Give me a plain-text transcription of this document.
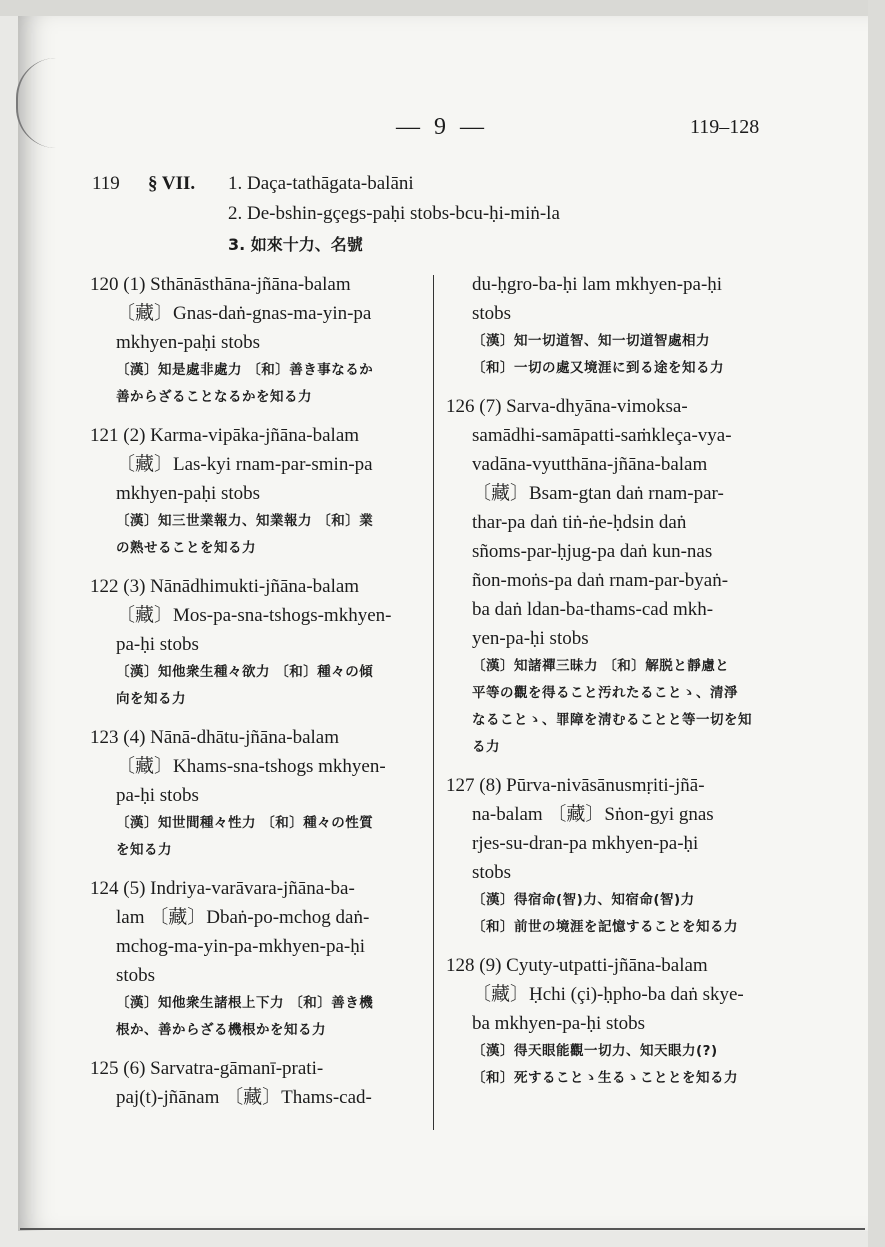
— 9 —	119–128
119 § VII. 1. Daça-tathāgata-balāni
2. De-bshin-gçegs-paḥi stobs-bcu-ḥi-miṅ-la
3. 如來十力、名號
120 (1) Sthānāsthāna-jñāna-balam
〔藏〕Gnas-daṅ-gnas-ma-yin-pa
mkhyen-paḥi stobs
〔漢〕知是處非處力 〔和〕善き事なるか
善からざることなるかを知る力
121 (2) Karma-vipāka-jñāna-balam
〔藏〕Las-kyi rnam-par-smin-pa
mkhyen-paḥi stobs
〔漢〕知三世業報力、知業報力 〔和〕業
の熟せることを知る力
122 (3) Nānādhimukti-jñāna-balam
〔藏〕Mos-pa-sna-tshogs-mkhyen-
pa-ḥi stobs
〔漢〕知他衆生種々欲力 〔和〕種々の傾
向を知る力
123 (4) Nānā-dhātu-jñāna-balam
〔藏〕Khams-sna-tshogs mkhyen-
pa-ḥi stobs
〔漢〕知世間種々性力 〔和〕種々の性質
を知る力
124 (5) Indriya-varāvara-jñāna-ba-
lam 〔藏〕Dbaṅ-po-mchog daṅ-
mchog-ma-yin-pa-mkhyen-pa-ḥi
stobs
〔漢〕知他衆生諸根上下力 〔和〕善き機
根か、善からざる機根かを知る力
125 (6) Sarvatra-gāmanī-prati-
paj(t)-jñānam 〔藏〕Thams-cad-
du-ḥgro-ba-ḥi lam mkhyen-pa-ḥi
stobs
〔漢〕知一切道智、知一切道智處相力
〔和〕一切の處又境涯に到る途を知る力
126 (7) Sarva-dhyāna-vimoksa-
samādhi-samāpatti-saṁkleça-vya-
vadāna-vyutthāna-jñāna-balam
〔藏〕Bsam-gtan daṅ rnam-par-
thar-pa daṅ tiṅ-ṅe-ḥdsin daṅ
sñoms-par-ḥjug-pa daṅ kun-nas
ñon-moṅs-pa daṅ rnam-par-byaṅ-
ba daṅ ldan-ba-thams-cad mkh-
yen-pa-ḥi stobs
〔漢〕知諸禪三昧力 〔和〕解脱と靜慮と
平等の觀を得ること汚れたることゝ、清淨
なることゝ、罪障を淸むることと等一切を知
る力
127 (8) Pūrva-nivāsānusmṛiti-jñā-
na-balam 〔藏〕Sṅon-gyi gnas
rjes-su-dran-pa mkhyen-pa-ḥi
stobs
〔漢〕得宿命(智)力、知宿命(智)力
〔和〕前世の境涯を記憶することを知る力
128 (9) Cyuty-utpatti-jñāna-balam
〔藏〕Ḥchi (çi)-ḥpho-ba daṅ skye-
ba mkhyen-pa-ḥi stobs
〔漢〕得天眼能觀一切力、知天眼力(?)
〔和〕死することゝ生るゝこととを知る力
